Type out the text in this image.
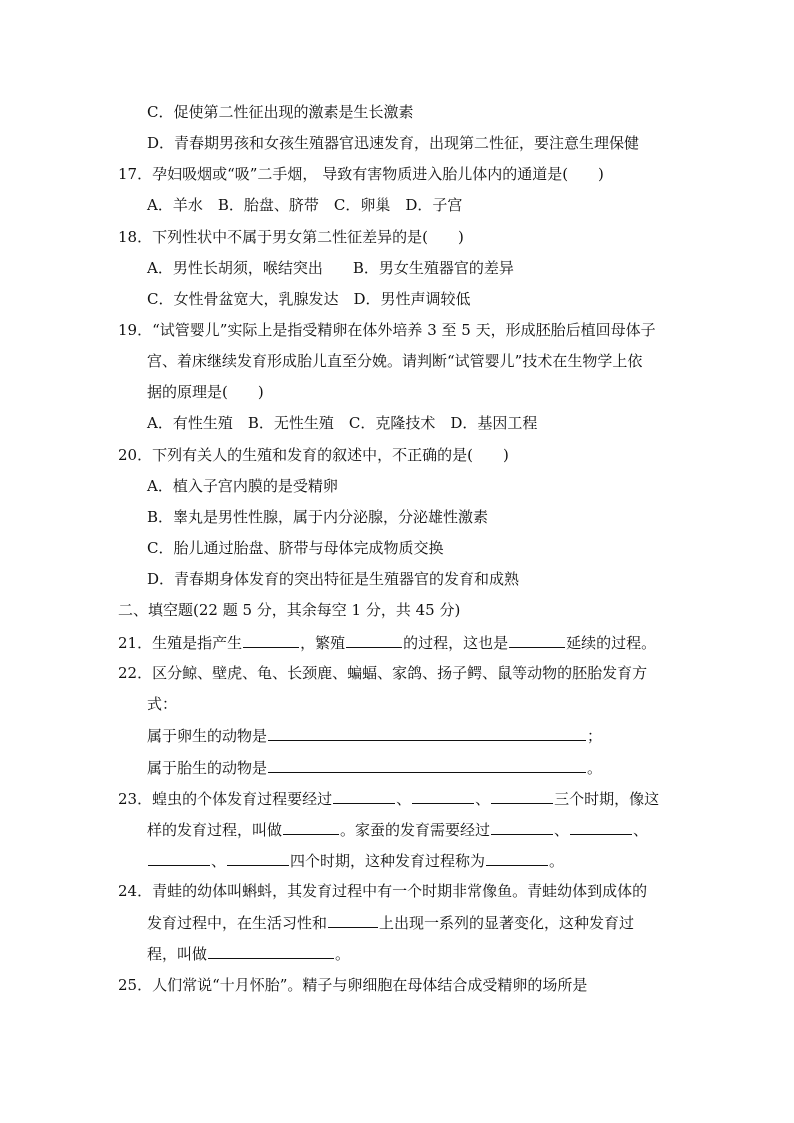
C．促使第二性征出现的激素是生长激素
D．青春期男孩和女孩生殖器官迅速发育，出现第二性征，要注意生理保健
17．孕妇吸烟或“吸”二手烟， 导致有害物质进入胎儿体内的通道是(　　)
A．羊水　B．胎盘、脐带　C．卵巢　D．子宫
18．下列性状中不属于男女第二性征差异的是(　　)
A．男性长胡须，喉结突出　　B．男女生殖器官的差异
C．女性骨盆宽大，乳腺发达　D．男性声调较低
19．“试管婴儿”实际上是指受精卵在体外培养 3 至 5 天，形成胚胎后植回母体子
宫、着床继续发育形成胎儿直至分娩。请判断“试管婴儿”技术在生物学上依
据的原理是(　　)
A．有性生殖　B．无性生殖　C．克隆技术　D．基因工程
20．下列有关人的生殖和发育的叙述中，不正确的是(　　)
A．植入子宫内膜的是受精卵
B．睾丸是男性性腺，属于内分泌腺，分泌雄性激素
C．胎儿通过胎盘、脐带与母体完成物质交换
D．青春期身体发育的突出特征是生殖器官的发育和成熟
二、填空题(22 题 5 分，其余每空 1 分，共 45 分)
21．生殖是指产生	，繁殖	的过程，这也是	延续的过程。
22．区分鲸、壁虎、龟、长颈鹿、蝙蝠、家鸽、扬子鳄、鼠等动物的胚胎发育方
式：
属于卵生的动物是	；
属于胎生的动物是	。
23．蝗虫的个体发育过程要经过	、	、	三个时期，像这
样的发育过程，叫做	。家蚕的发育需要经过	、	、
、	四个时期，这种发育过程称为	。
24．青蛙的幼体叫蝌蚪，其发育过程中有一个时期非常像鱼。青蛙幼体到成体的
发育过程中，在生活习性和	上出现一系列的显著变化，这种发育过
程，叫做	。
25．人们常说“十月怀胎”。精子与卵细胞在母体结合成受精卵的场所是
